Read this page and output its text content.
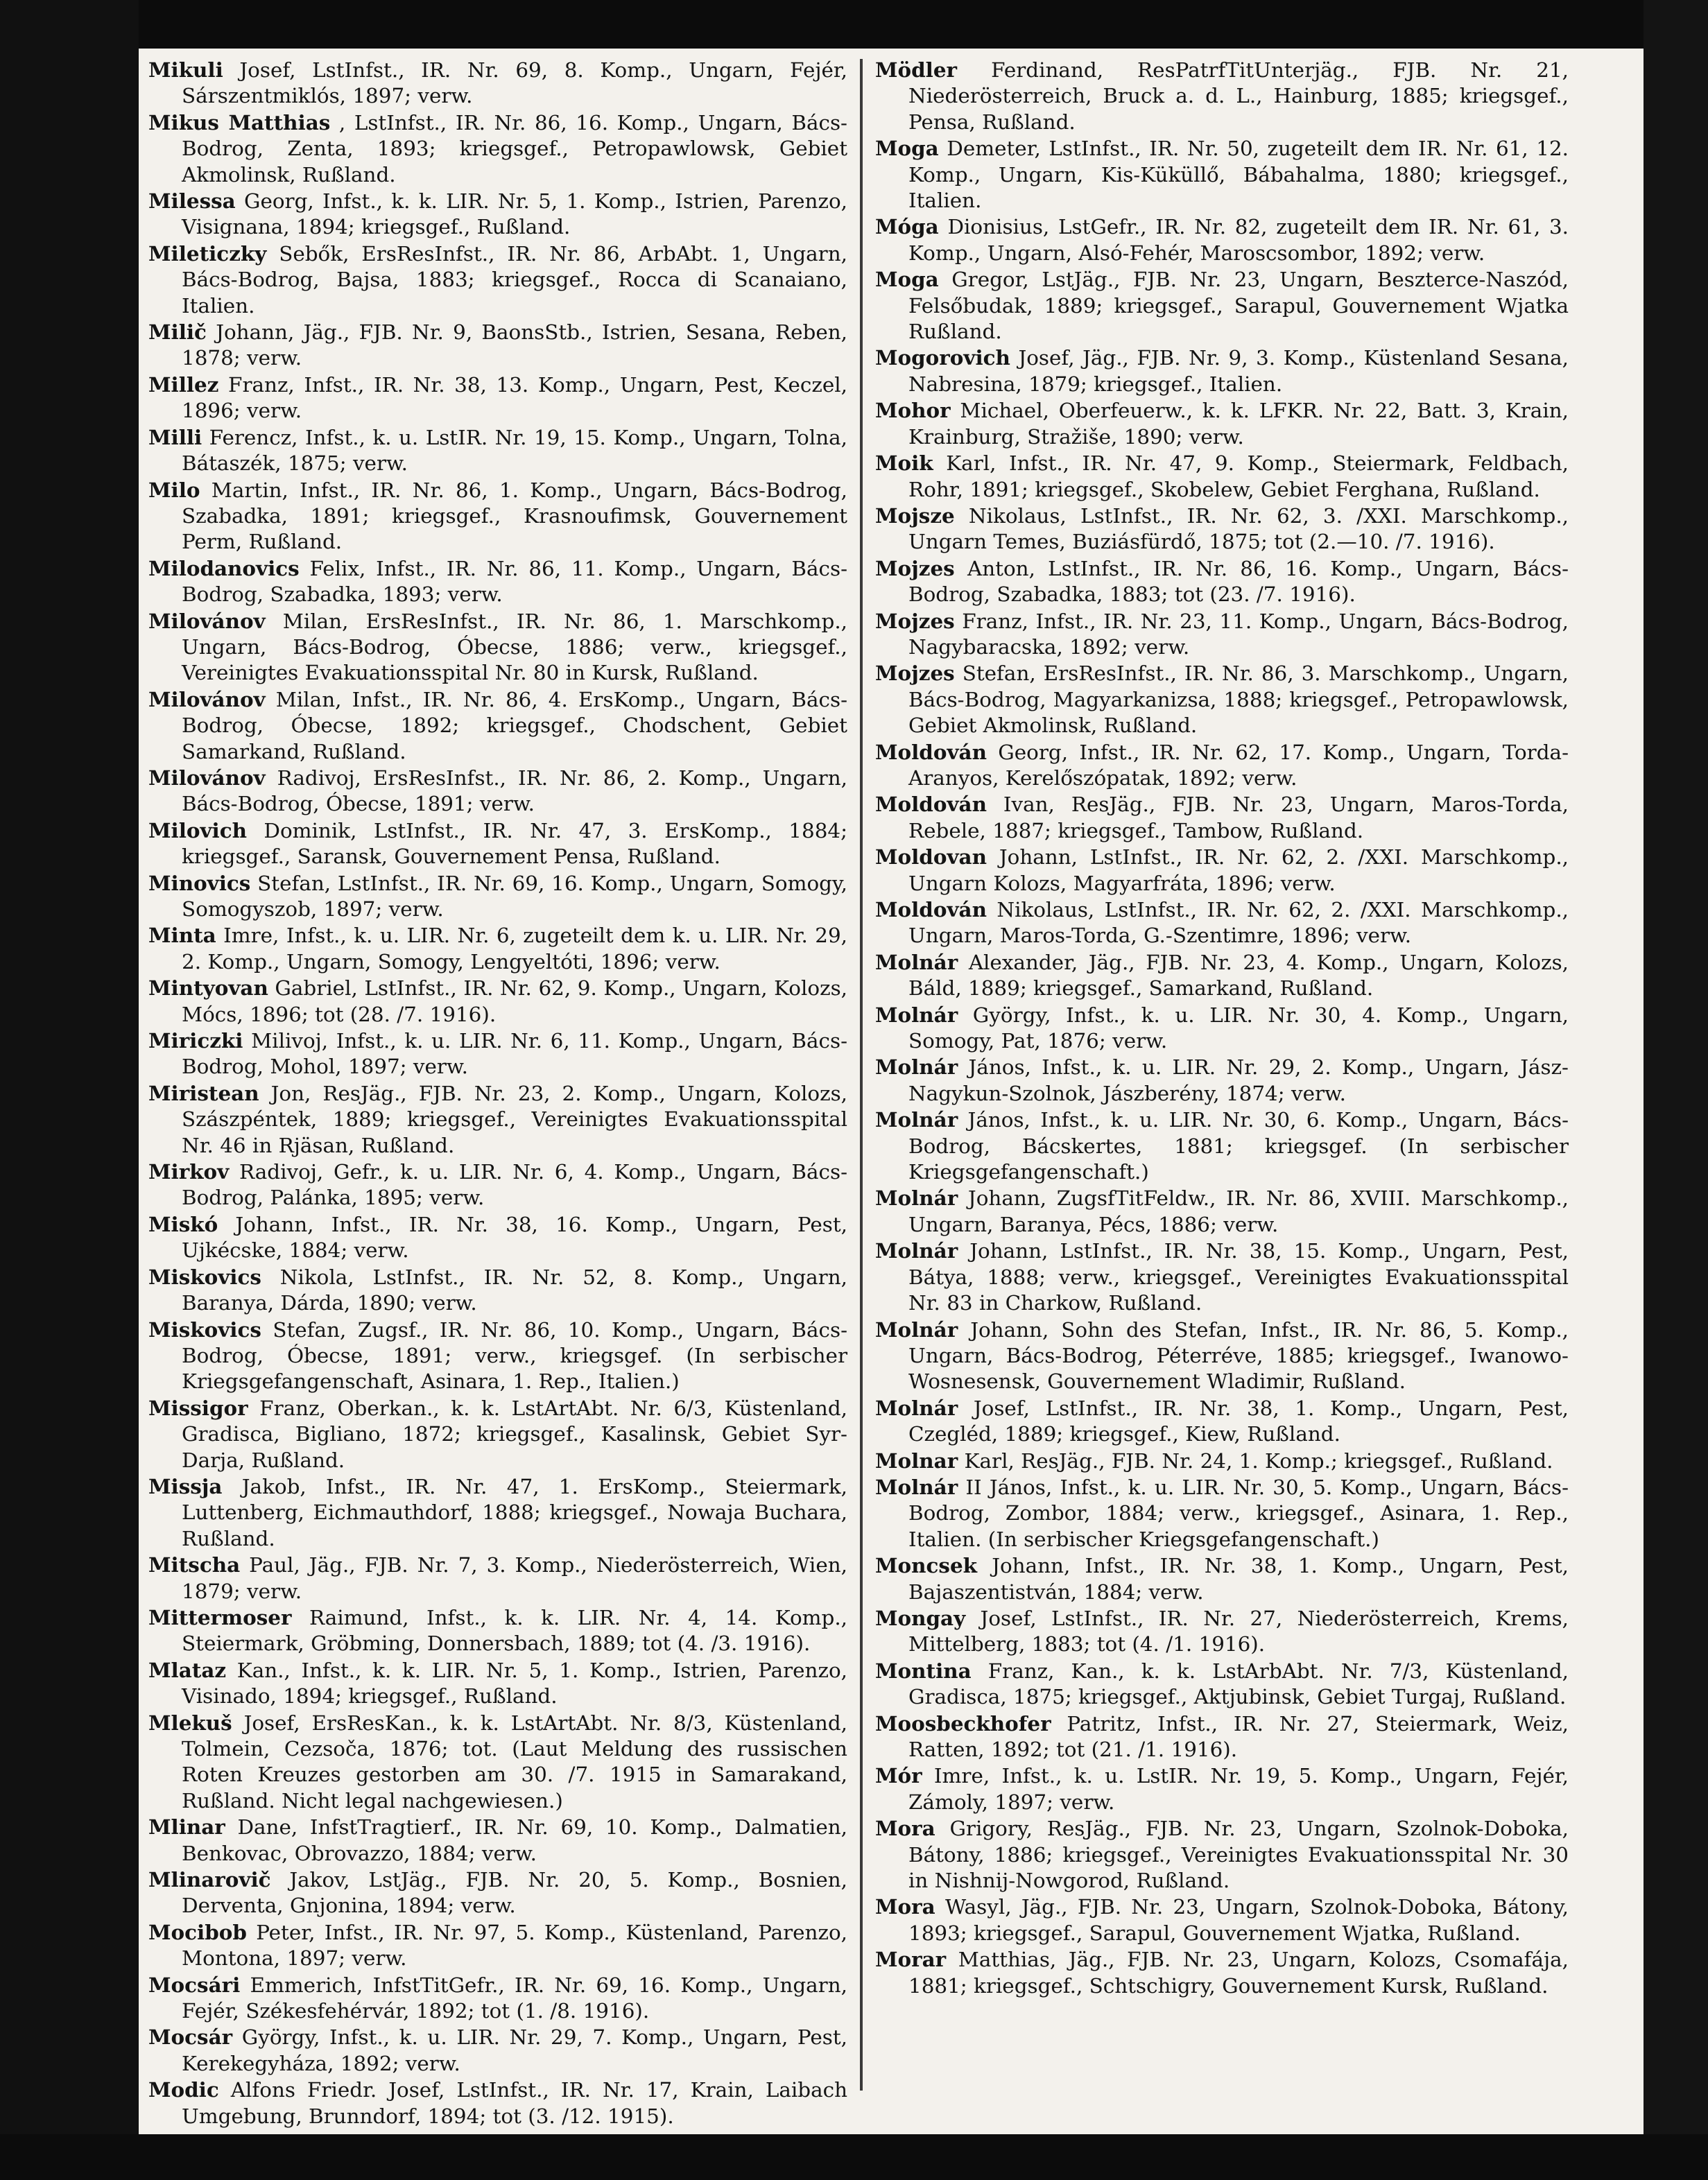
Mikuli Josef, LstInfst., IR. Nr. 69, 8. Komp., Ungarn, Fejér, Sárszentmiklós, 1897; verw.

Mikus Matthias , LstInfst., IR. Nr. 86, 16. Komp., Ungarn, Bács-Bodrog, Zenta, 1893; kriegsgef., Petropawlowsk, Gebiet Akmolinsk, Rußland.

Milessa Georg, Infst., k. k. LIR. Nr. 5, 1. Komp., Istrien, Parenzo, Visignana, 1894; kriegsgef., Rußland.

Mileticzky Sebők, ErsResInfst., IR. Nr. 86, ArbAbt. 1, Ungarn, Bács-Bodrog, Bajsa, 1883; kriegsgef., Rocca di Scanaiano, Italien.

Milič Johann, Jäg., FJB. Nr. 9, BaonsStb., Istrien, Sesana, Reben, 1878; verw.

Millez Franz, Infst., IR. Nr. 38, 13. Komp., Ungarn, Pest, Keczel, 1896; verw.

Milli Ferencz, Infst., k. u. LstIR. Nr. 19, 15. Komp., Ungarn, Tolna, Bátaszék, 1875; verw.

Milo Martin, Infst., IR. Nr. 86, 1. Komp., Ungarn, Bács-Bodrog, Szabadka, 1891; kriegsgef., Krasnoufimsk, Gouvernement Perm, Rußland.

Milodanovics Felix, Infst., IR. Nr. 86, 11. Komp., Ungarn, Bács-Bodrog, Szabadka, 1893; verw.

Milovánov Milan, ErsResInfst., IR. Nr. 86, 1. Marschkomp., Ungarn, Bács-Bodrog, Óbecse, 1886; verw., kriegsgef., Vereinigtes Evakuationsspital Nr. 80 in Kursk, Rußland.

Milovánov Milan, Infst., IR. Nr. 86, 4. ErsKomp., Ungarn, Bács-Bodrog, Óbecse, 1892; kriegsgef., Chodschent, Gebiet Samarkand, Rußland.

Milovánov Radivoj, ErsResInfst., IR. Nr. 86, 2. Komp., Ungarn, Bács-Bodrog, Óbecse, 1891; verw.

Milovich Dominik, LstInfst., IR. Nr. 47, 3. ErsKomp., 1884; kriegsgef., Saransk, Gouvernement Pensa, Rußland.

Minovics Stefan, LstInfst., IR. Nr. 69, 16. Komp., Ungarn, Somogy, Somogyszob, 1897; verw.

Minta Imre, Infst., k. u. LIR. Nr. 6, zugeteilt dem k. u. LIR. Nr. 29, 2. Komp., Ungarn, Somogy, Lengyeltóti, 1896; verw.

Mintyovan Gabriel, LstInfst., IR. Nr. 62, 9. Komp., Ungarn, Kolozs, Mócs, 1896; tot (28. /7. 1916).

Miriczki Milivoj, Infst., k. u. LIR. Nr. 6, 11. Komp., Ungarn, Bács-Bodrog, Mohol, 1897; verw.

Miristean Jon, ResJäg., FJB. Nr. 23, 2. Komp., Ungarn, Kolozs, Szászpéntek, 1889; kriegsgef., Vereinigtes Evakuationsspital Nr. 46 in Rjäsan, Rußland.

Mirkov Radivoj, Gefr., k. u. LIR. Nr. 6, 4. Komp., Ungarn, Bács-Bodrog, Palánka, 1895; verw.

Miskó Johann, Infst., IR. Nr. 38, 16. Komp., Ungarn, Pest, Ujkécske, 1884; verw.

Miskovics Nikola, LstInfst., IR. Nr. 52, 8. Komp., Ungarn, Baranya, Dárda, 1890; verw.

Miskovics Stefan, Zugsf., IR. Nr. 86, 10. Komp., Ungarn, Bács-Bodrog, Óbecse, 1891; verw., kriegsgef. (In serbischer Kriegsgefangenschaft, Asinara, 1. Rep., Italien.)

Missigor Franz, Oberkan., k. k. LstArtAbt. Nr. 6/3, Küstenland, Gradisca, Bigliano, 1872; kriegsgef., Kasalinsk, Gebiet Syr-Darja, Rußland.

Missja Jakob, Infst., IR. Nr. 47, 1. ErsKomp., Steiermark, Luttenberg, Eichmauthdorf, 1888; kriegsgef., Nowaja Buchara, Rußland.

Mitscha Paul, Jäg., FJB. Nr. 7, 3. Komp., Niederösterreich, Wien, 1879; verw.

Mittermoser Raimund, Infst., k. k. LIR. Nr. 4, 14. Komp., Steiermark, Gröbming, Donnersbach, 1889; tot (4. /3. 1916).

Mlataz Kan., Infst., k. k. LIR. Nr. 5, 1. Komp., Istrien, Parenzo, Visinado, 1894; kriegsgef., Rußland.

Mlekuš Josef, ErsResKan., k. k. LstArtAbt. Nr. 8/3, Küstenland, Tolmein, Cezsoča, 1876; tot. (Laut Meldung des russischen Roten Kreuzes gestorben am 30. /7. 1915 in Samarakand, Rußland. Nicht legal nachgewiesen.)

Mlinar Dane, InfstTragtierf., IR. Nr. 69, 10. Komp., Dalmatien, Benkovac, Obrovazzo, 1884; verw.

Mlinarovič Jakov, LstJäg., FJB. Nr. 20, 5. Komp., Bosnien, Derventa, Gnjonina, 1894; verw.

Mocibob Peter, Infst., IR. Nr. 97, 5. Komp., Küstenland, Parenzo, Montona, 1897; verw.

Mocsári Emmerich, InfstTitGefr., IR. Nr. 69, 16. Komp., Ungarn, Fejér, Székesfehérvár, 1892; tot (1. /8. 1916).

Mocsár György, Infst., k. u. LIR. Nr. 29, 7. Komp., Ungarn, Pest, Kerekegyháza, 1892; verw.

Modic Alfons Friedr. Josef, LstInfst., IR. Nr. 17, Krain, Laibach Umgebung, Brunndorf, 1894; tot (3. /12. 1915).

Mödler Ferdinand, ResPatrfTitUnterjäg., FJB. Nr. 21, Niederösterreich, Bruck a. d. L., Hainburg, 1885; kriegsgef., Pensa, Rußland.

Moga Demeter, LstInfst., IR. Nr. 50, zugeteilt dem IR. Nr. 61, 12. Komp., Ungarn, Kis-Küküllő, Bábahalma, 1880; kriegsgef., Italien.

Móga Dionisius, LstGefr., IR. Nr. 82, zugeteilt dem IR. Nr. 61, 3. Komp., Ungarn, Alsó-Fehér, Maroscsombor, 1892; verw.

Moga Gregor, LstJäg., FJB. Nr. 23, Ungarn, Beszterce-Naszód, Felsőbudak, 1889; kriegsgef., Sarapul, Gouvernement Wjatka Rußland.

Mogorovich Josef, Jäg., FJB. Nr. 9, 3. Komp., Küstenland Sesana, Nabresina, 1879; kriegsgef., Italien.

Mohor Michael, Oberfeuerw., k. k. LFKR. Nr. 22, Batt. 3, Krain, Krainburg, Stražiše, 1890; verw.

Moik Karl, Infst., IR. Nr. 47, 9. Komp., Steiermark, Feldbach, Rohr, 1891; kriegsgef., Skobelew, Gebiet Ferghana, Rußland.

Mojsze Nikolaus, LstInfst., IR. Nr. 62, 3. /XXI. Marschkomp., Ungarn Temes, Buziásfürdő, 1875; tot (2.—10. /7. 1916).

Mojzes Anton, LstInfst., IR. Nr. 86, 16. Komp., Ungarn, Bács-Bodrog, Szabadka, 1883; tot (23. /7. 1916).

Mojzes Franz, Infst., IR. Nr. 23, 11. Komp., Ungarn, Bács-Bodrog, Nagybaracska, 1892; verw.

Mojzes Stefan, ErsResInfst., IR. Nr. 86, 3. Marschkomp., Ungarn, Bács-Bodrog, Magyarkanizsa, 1888; kriegsgef., Petropawlowsk, Gebiet Akmolinsk, Rußland.

Moldován Georg, Infst., IR. Nr. 62, 17. Komp., Ungarn, Torda-Aranyos, Kerelőszópatak, 1892; verw.

Moldován Ivan, ResJäg., FJB. Nr. 23, Ungarn, Maros-Torda, Rebele, 1887; kriegsgef., Tambow, Rußland.

Moldovan Johann, LstInfst., IR. Nr. 62, 2. /XXI. Marschkomp., Ungarn Kolozs, Magyarfráta, 1896; verw.

Moldován Nikolaus, LstInfst., IR. Nr. 62, 2. /XXI. Marschkomp., Ungarn, Maros-Torda, G.-Szentimre, 1896; verw.

Molnár Alexander, Jäg., FJB. Nr. 23, 4. Komp., Ungarn, Kolozs, Báld, 1889; kriegsgef., Samarkand, Rußland.

Molnár György, Infst., k. u. LIR. Nr. 30, 4. Komp., Ungarn, Somogy, Pat, 1876; verw.

Molnár János, Infst., k. u. LIR. Nr. 29, 2. Komp., Ungarn, Jász-Nagykun-Szolnok, Jászberény, 1874; verw.

Molnár János, Infst., k. u. LIR. Nr. 30, 6. Komp., Ungarn, Bács-Bodrog, Bácskertes, 1881; kriegsgef. (In serbischer Kriegsgefangenschaft.)

Molnár Johann, ZugsfTitFeldw., IR. Nr. 86, XVIII. Marschkomp., Ungarn, Baranya, Pécs, 1886; verw.

Molnár Johann, LstInfst., IR. Nr. 38, 15. Komp., Ungarn, Pest, Bátya, 1888; verw., kriegsgef., Vereinigtes Evakuationsspital Nr. 83 in Charkow, Rußland.

Molnár Johann, Sohn des Stefan, Infst., IR. Nr. 86, 5. Komp., Ungarn, Bács-Bodrog, Péterréve, 1885; kriegsgef., Iwanowo-Wosnesensk, Gouvernement Wladimir, Rußland.

Molnár Josef, LstInfst., IR. Nr. 38, 1. Komp., Ungarn, Pest, Czegléd, 1889; kriegsgef., Kiew, Rußland.

Molnar Karl, ResJäg., FJB. Nr. 24, 1. Komp.; kriegsgef., Rußland.

Molnár II János, Infst., k. u. LIR. Nr. 30, 5. Komp., Ungarn, Bács-Bodrog, Zombor, 1884; verw., kriegsgef., Asinara, 1. Rep., Italien. (In serbischer Kriegsgefangenschaft.)

Moncsek Johann, Infst., IR. Nr. 38, 1. Komp., Ungarn, Pest, Bajaszentistván, 1884; verw.

Mongay Josef, LstInfst., IR. Nr. 27, Niederösterreich, Krems, Mittelberg, 1883; tot (4. /1. 1916).

Montina Franz, Kan., k. k. LstArbAbt. Nr. 7/3, Küstenland, Gradisca, 1875; kriegsgef., Aktjubinsk, Gebiet Turgaj, Rußland.

Moosbeckhofer Patritz, Infst., IR. Nr. 27, Steiermark, Weiz, Ratten, 1892; tot (21. /1. 1916).

Mór Imre, Infst., k. u. LstIR. Nr. 19, 5. Komp., Ungarn, Fejér, Zámoly, 1897; verw.

Mora Grigory, ResJäg., FJB. Nr. 23, Ungarn, Szolnok-Doboka, Bátony, 1886; kriegsgef., Vereinigtes Evakuationsspital Nr. 30 in Nishnij-Nowgorod, Rußland.

Mora Wasyl, Jäg., FJB. Nr. 23, Ungarn, Szolnok-Doboka, Bátony, 1893; kriegsgef., Sarapul, Gouvernement Wjatka, Rußland.

Morar Matthias, Jäg., FJB. Nr. 23, Ungarn, Kolozs, Csomafája, 1881; kriegsgef., Schtschigry, Gouvernement Kursk, Rußland.
